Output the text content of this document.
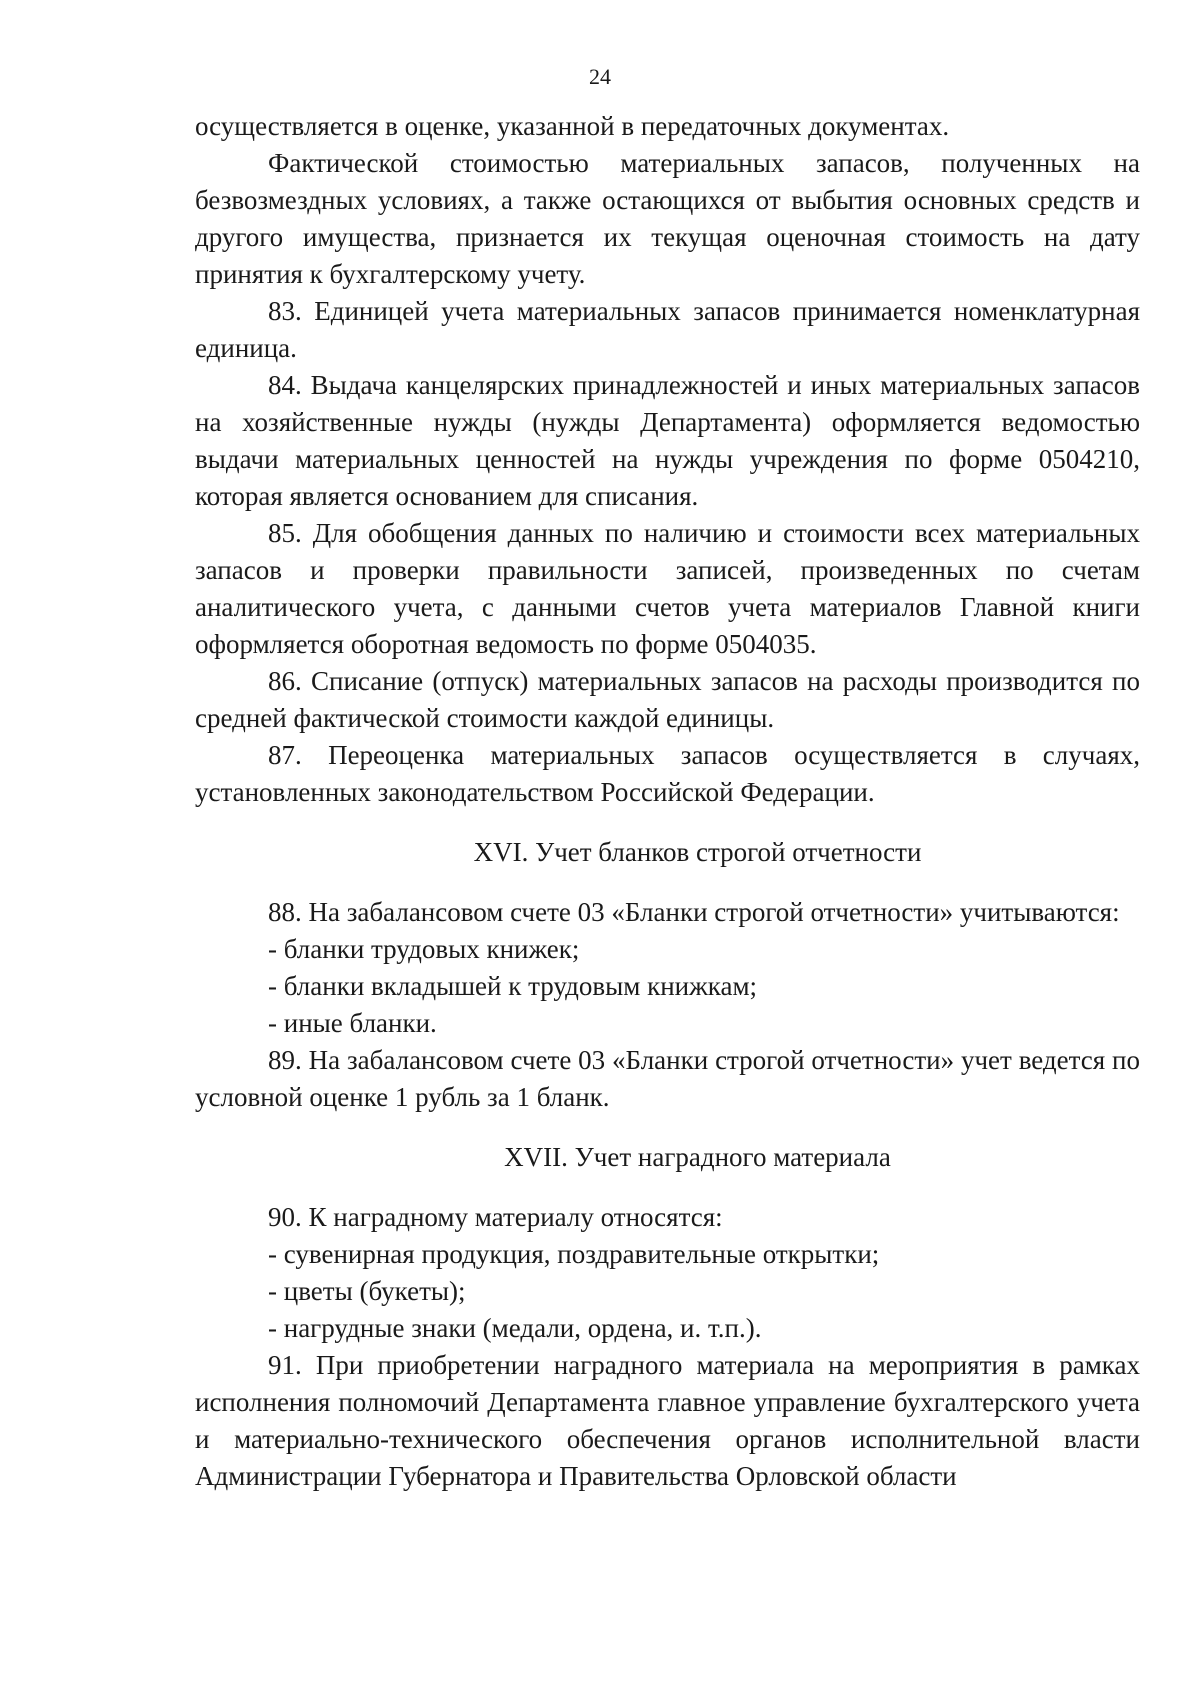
24

осуществляется в оценке, указанной в передаточных документах.

Фактической стоимостью материальных запасов, полученных на безвозмездных условиях, а также остающихся от выбытия основных средств и другого имущества, признается их текущая оценочная стоимость на дату принятия к бухгалтерскому учету.

83. Единицей учета материальных запасов принимается номенклатурная единица.

84. Выдача канцелярских принадлежностей и иных материальных запасов на хозяйственные нужды (нужды Департамента) оформляется ведомостью выдачи материальных ценностей на нужды учреждения по форме 0504210, которая является основанием для списания.

85. Для обобщения данных по наличию и стоимости всех материальных запасов и проверки правильности записей, произведенных по счетам аналитического учета, с данными счетов учета материалов Главной книги оформляется оборотная ведомость по форме 0504035.

86. Списание (отпуск) материальных запасов на расходы производится по средней фактической стоимости каждой единицы.

87. Переоценка материальных запасов осуществляется в случаях, установленных законодательством Российской Федерации.

XVI. Учет бланков строгой отчетности

88. На забалансовом счете 03 «Бланки строгой отчетности» учитываются:

- бланки трудовых книжек;

- бланки вкладышей к трудовым книжкам;

- иные бланки.

89. На забалансовом счете 03 «Бланки строгой отчетности» учет ведется по условной оценке 1 рубль за 1 бланк.

XVII. Учет наградного материала

90. К наградному материалу относятся:

- сувенирная продукция, поздравительные открытки;

- цветы (букеты);

- нагрудные знаки (медали, ордена, и. т.п.).

91. При приобретении наградного материала на мероприятия в рамках исполнения полномочий Департамента главное управление бухгалтерского учета и материально-технического обеспечения органов исполнительной власти Администрации Губернатора и Правительства Орловской области
